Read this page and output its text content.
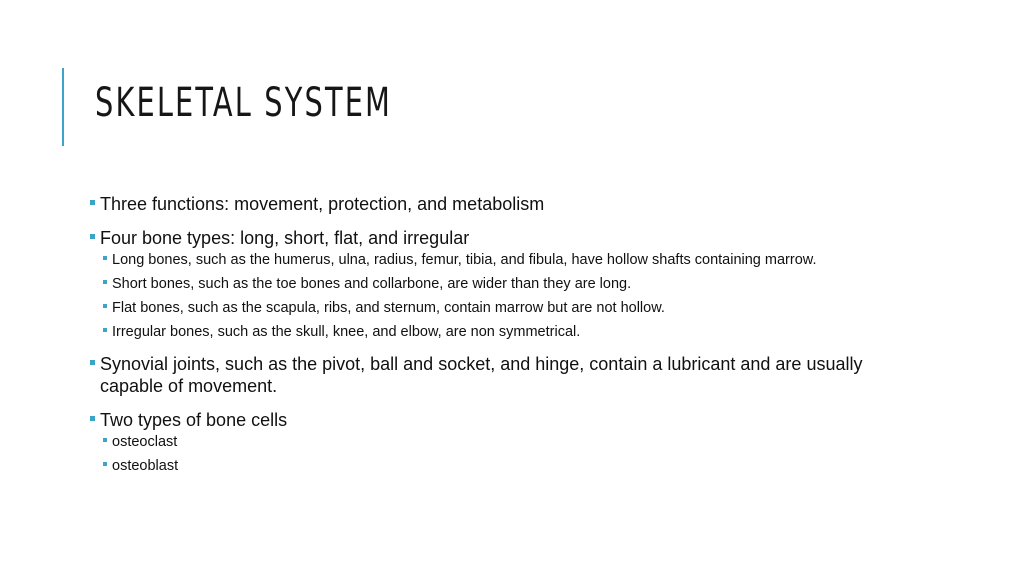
SKELETAL SYSTEM
Three functions: movement, protection, and metabolism
Four bone types: long, short, flat, and irregular
Long bones, such as the humerus, ulna, radius, femur, tibia, and fibula, have hollow shafts containing marrow.
Short bones, such as the toe bones and collarbone, are wider than they are long.
Flat bones, such as the scapula, ribs, and sternum, contain marrow but are not hollow.
Irregular bones, such as the skull, knee, and elbow, are non symmetrical.
Synovial joints, such as the pivot, ball and socket, and hinge, contain a lubricant and are usually capable of movement.
Two types of bone cells
osteoclast
osteoblast
